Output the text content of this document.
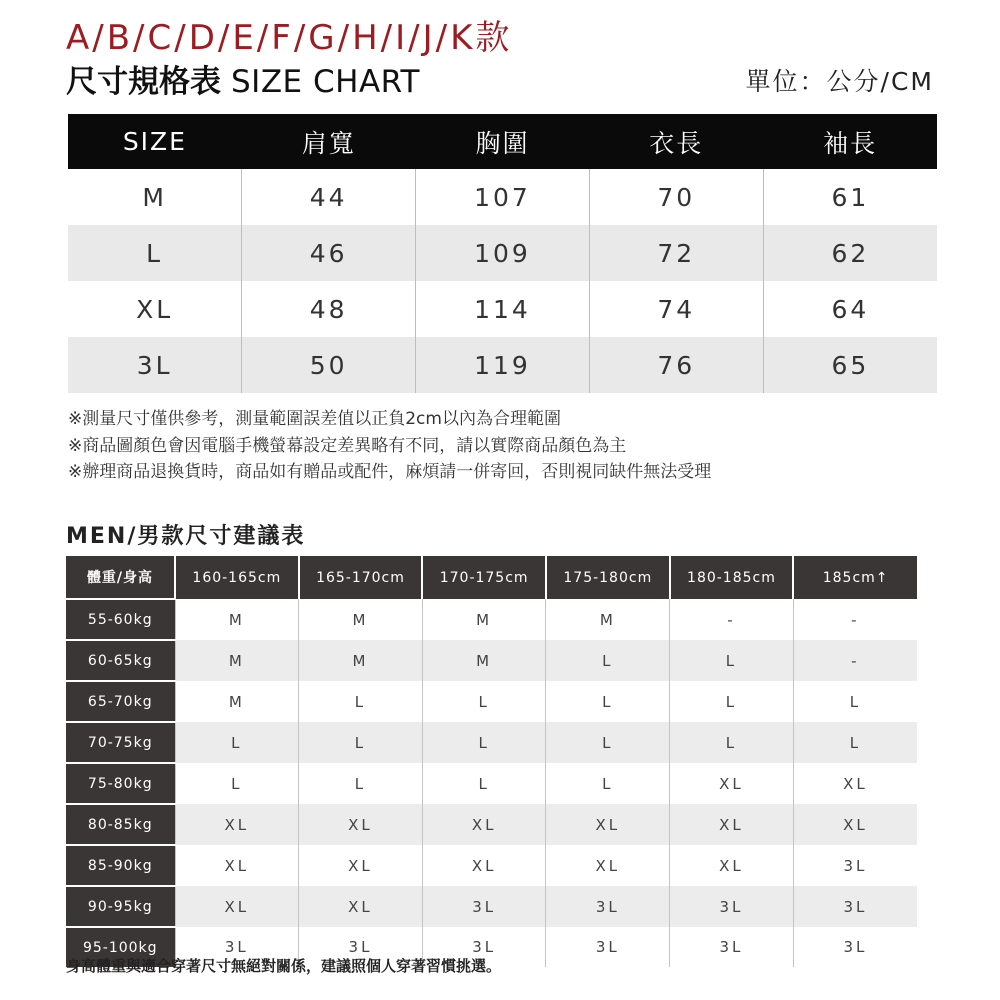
A/B/C/D/E/F/G/H/I/J/K款
尺寸規格表 SIZE CHART	單位：公分/CM
SIZE	肩寬	胸圍	衣長	袖長
M	44	107	70	61
L	46	109	72	62
XL	48	114	74	64
3L	50	119	76	65
※測量尺寸僅供參考，測量範圍誤差值以正負2cm以內為合理範圍
※商品圖顏色會因電腦手機螢幕設定差異略有不同，請以實際商品顏色為主
※辦理商品退換貨時，商品如有贈品或配件，麻煩請一併寄回，否則視同缺件無法受理
MEN/男款尺寸建議表
體重/身高	160-165cm	165-170cm	170-175cm	175-180cm	180-185cm	185cm↑
55-60kg	M	M	M	M	-	-
60-65kg	M	M	M	L	L	-
65-70kg	M	L	L	L	L	L
70-75kg	L	L	L	L	L	L
75-80kg	L	L	L	L	XL	XL
80-85kg	XL	XL	XL	XL	XL	XL
85-90kg	XL	XL	XL	XL	XL	3L
90-95kg	XL	XL	3L	3L	3L	3L
95-100kg	3L	3L	3L	3L	3L	3L

身高體重與適合穿著尺寸無絕對關係，建議照個人穿著習慣挑選。
